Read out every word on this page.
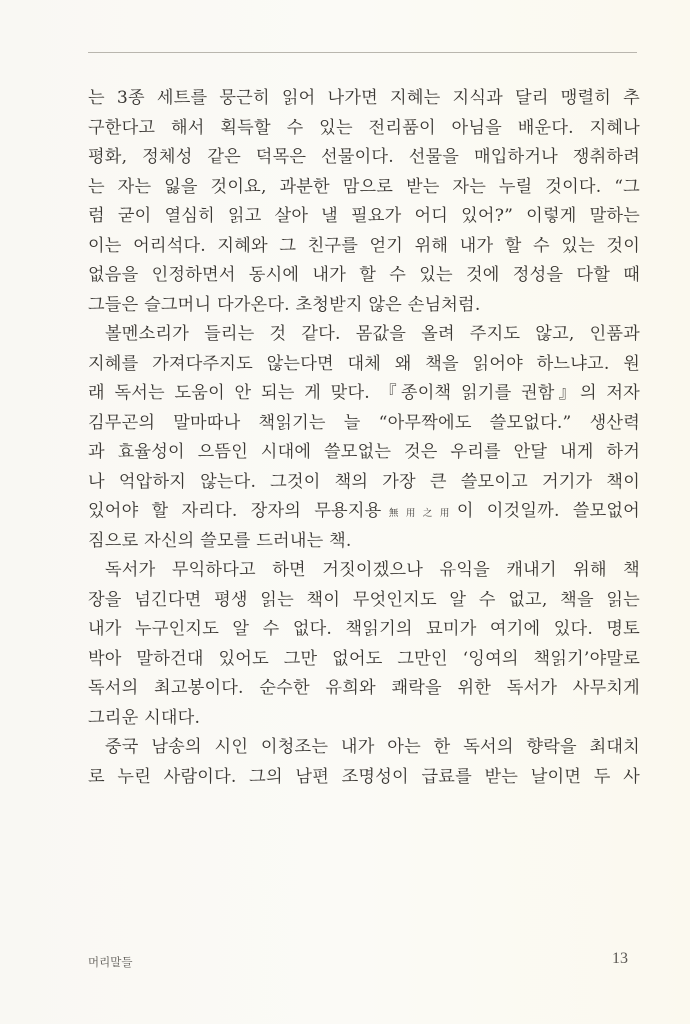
는 3종 세트를 뭉근히 읽어 나가면 지혜는 지식과 달리 맹렬히 추
구한다고 해서 획득할 수 있는 전리품이 아님을 배운다. 지혜나
평화, 정체성 같은 덕목은 선물이다. 선물을 매입하거나 쟁취하려
는 자는 잃을 것이요, 과분한 맘으로 받는 자는 누릴 것이다. “그
럼 굳이 열심히 읽고 살아 낼 필요가 어디 있어?” 이렇게 말하는
이는 어리석다. 지혜와 그 친구를 얻기 위해 내가 할 수 있는 것이
없음을 인정하면서 동시에 내가 할 수 있는 것에 정성을 다할 때
그들은 슬그머니 다가온다. 초청받지 않은 손님처럼.
볼멘소리가 들리는 것 같다. 몸값을 올려 주지도 않고, 인품과
지혜를 가져다주지도 않는다면 대체 왜 책을 읽어야 하느냐고. 원
래 독서는 도움이 안 되는 게 맞다. 『종이책 읽기를 권함』의 저자
김무곤의 말마따나 책읽기는 늘 “아무짝에도 쓸모없다.” 생산력
과 효율성이 으뜸인 시대에 쓸모없는 것은 우리를 안달 내게 하거
나 억압하지 않는다. 그것이 책의 가장 큰 쓸모이고 거기가 책이
있어야 할 자리다. 장자의 무용지용無用之用이 이것일까. 쓸모없어
짐으로 자신의 쓸모를 드러내는 책.
독서가 무익하다고 하면 거짓이겠으나 유익을 캐내기 위해 책
장을 넘긴다면 평생 읽는 책이 무엇인지도 알 수 없고, 책을 읽는
내가 누구인지도 알 수 없다. 책읽기의 묘미가 여기에 있다. 명토
박아 말하건대 있어도 그만 없어도 그만인 ‘잉여의 책읽기’야말로
독서의 최고봉이다. 순수한 유희와 쾌락을 위한 독서가 사무치게
그리운 시대다.
중국 남송의 시인 이청조는 내가 아는 한 독서의 향락을 최대치
로 누린 사람이다. 그의 남편 조명성이 급료를 받는 날이면 두 사
머리말들	13
